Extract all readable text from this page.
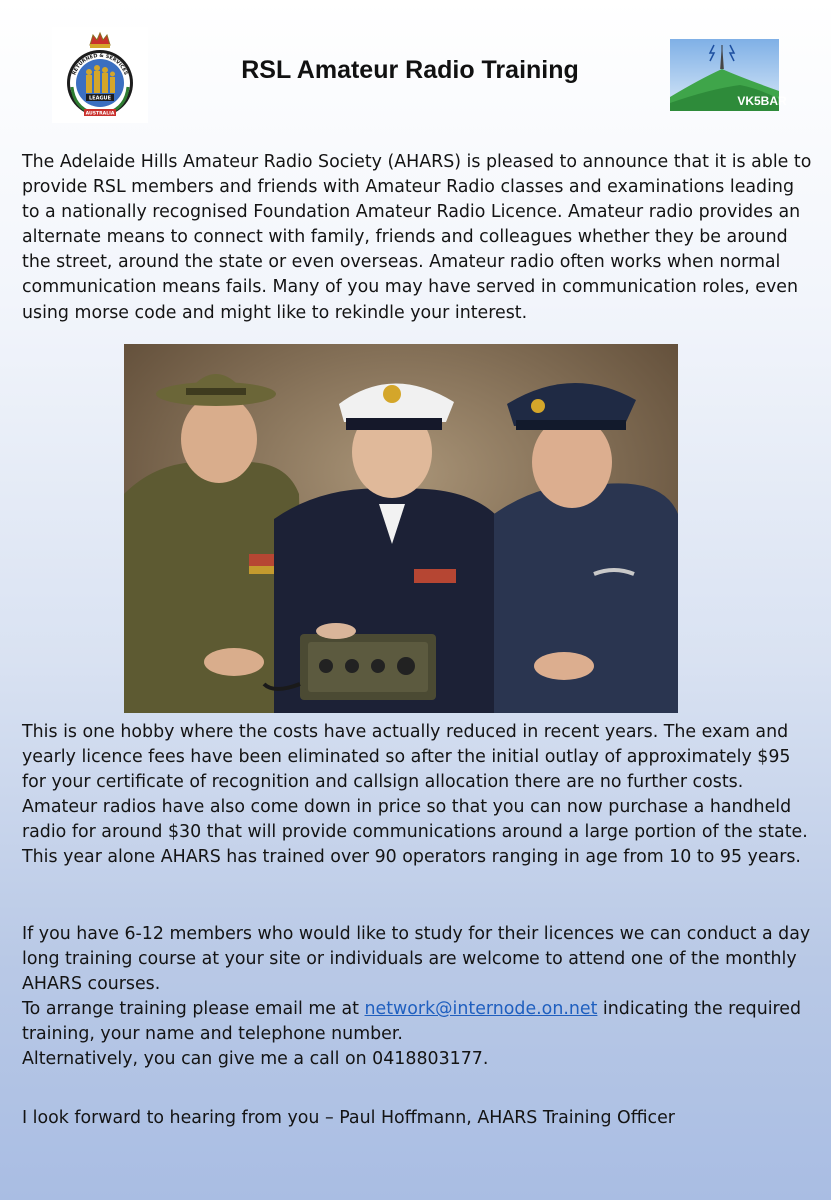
RETURNED & SERVICES
LEAGUE
AUSTRALIA
RSL Amateur Radio Training
VK5BAR

The Adelaide Hills Amateur Radio Society (AHARS) is pleased to announce that it is able to provide RSL members and friends with Amateur Radio classes and examinations leading to a nationally recognised Foundation Amateur Radio Licence. Amateur radio provides an alternate means to connect with family, friends and colleagues whether they be around the street, around the state or even overseas. Amateur radio often works when normal communication means fails. Many of you may have served in communication roles, even using morse code and might like to rekindle your interest.

This is one hobby where the costs have actually reduced in recent years. The exam and yearly licence fees have been eliminated so after the initial outlay of approximately $95 for your certificate of recognition and callsign allocation there are no further costs. Amateur radios have also come down in price so that you can now purchase a handheld radio for around $30 that will provide communications around a large portion of the state.
This year alone AHARS has trained over 90 operators ranging in age from 10 to 95 years.
If you have 6-12 members who would like to study for their licences we can conduct a day long training course at your site or individuals are welcome to attend one of the monthly AHARS courses.
To arrange training please email me at network@internode.on.net indicating the required training, your name and telephone number.
Alternatively, you can give me a call on 0418803177.

I look forward to hearing from you – Paul Hoffmann, AHARS Training Officer
